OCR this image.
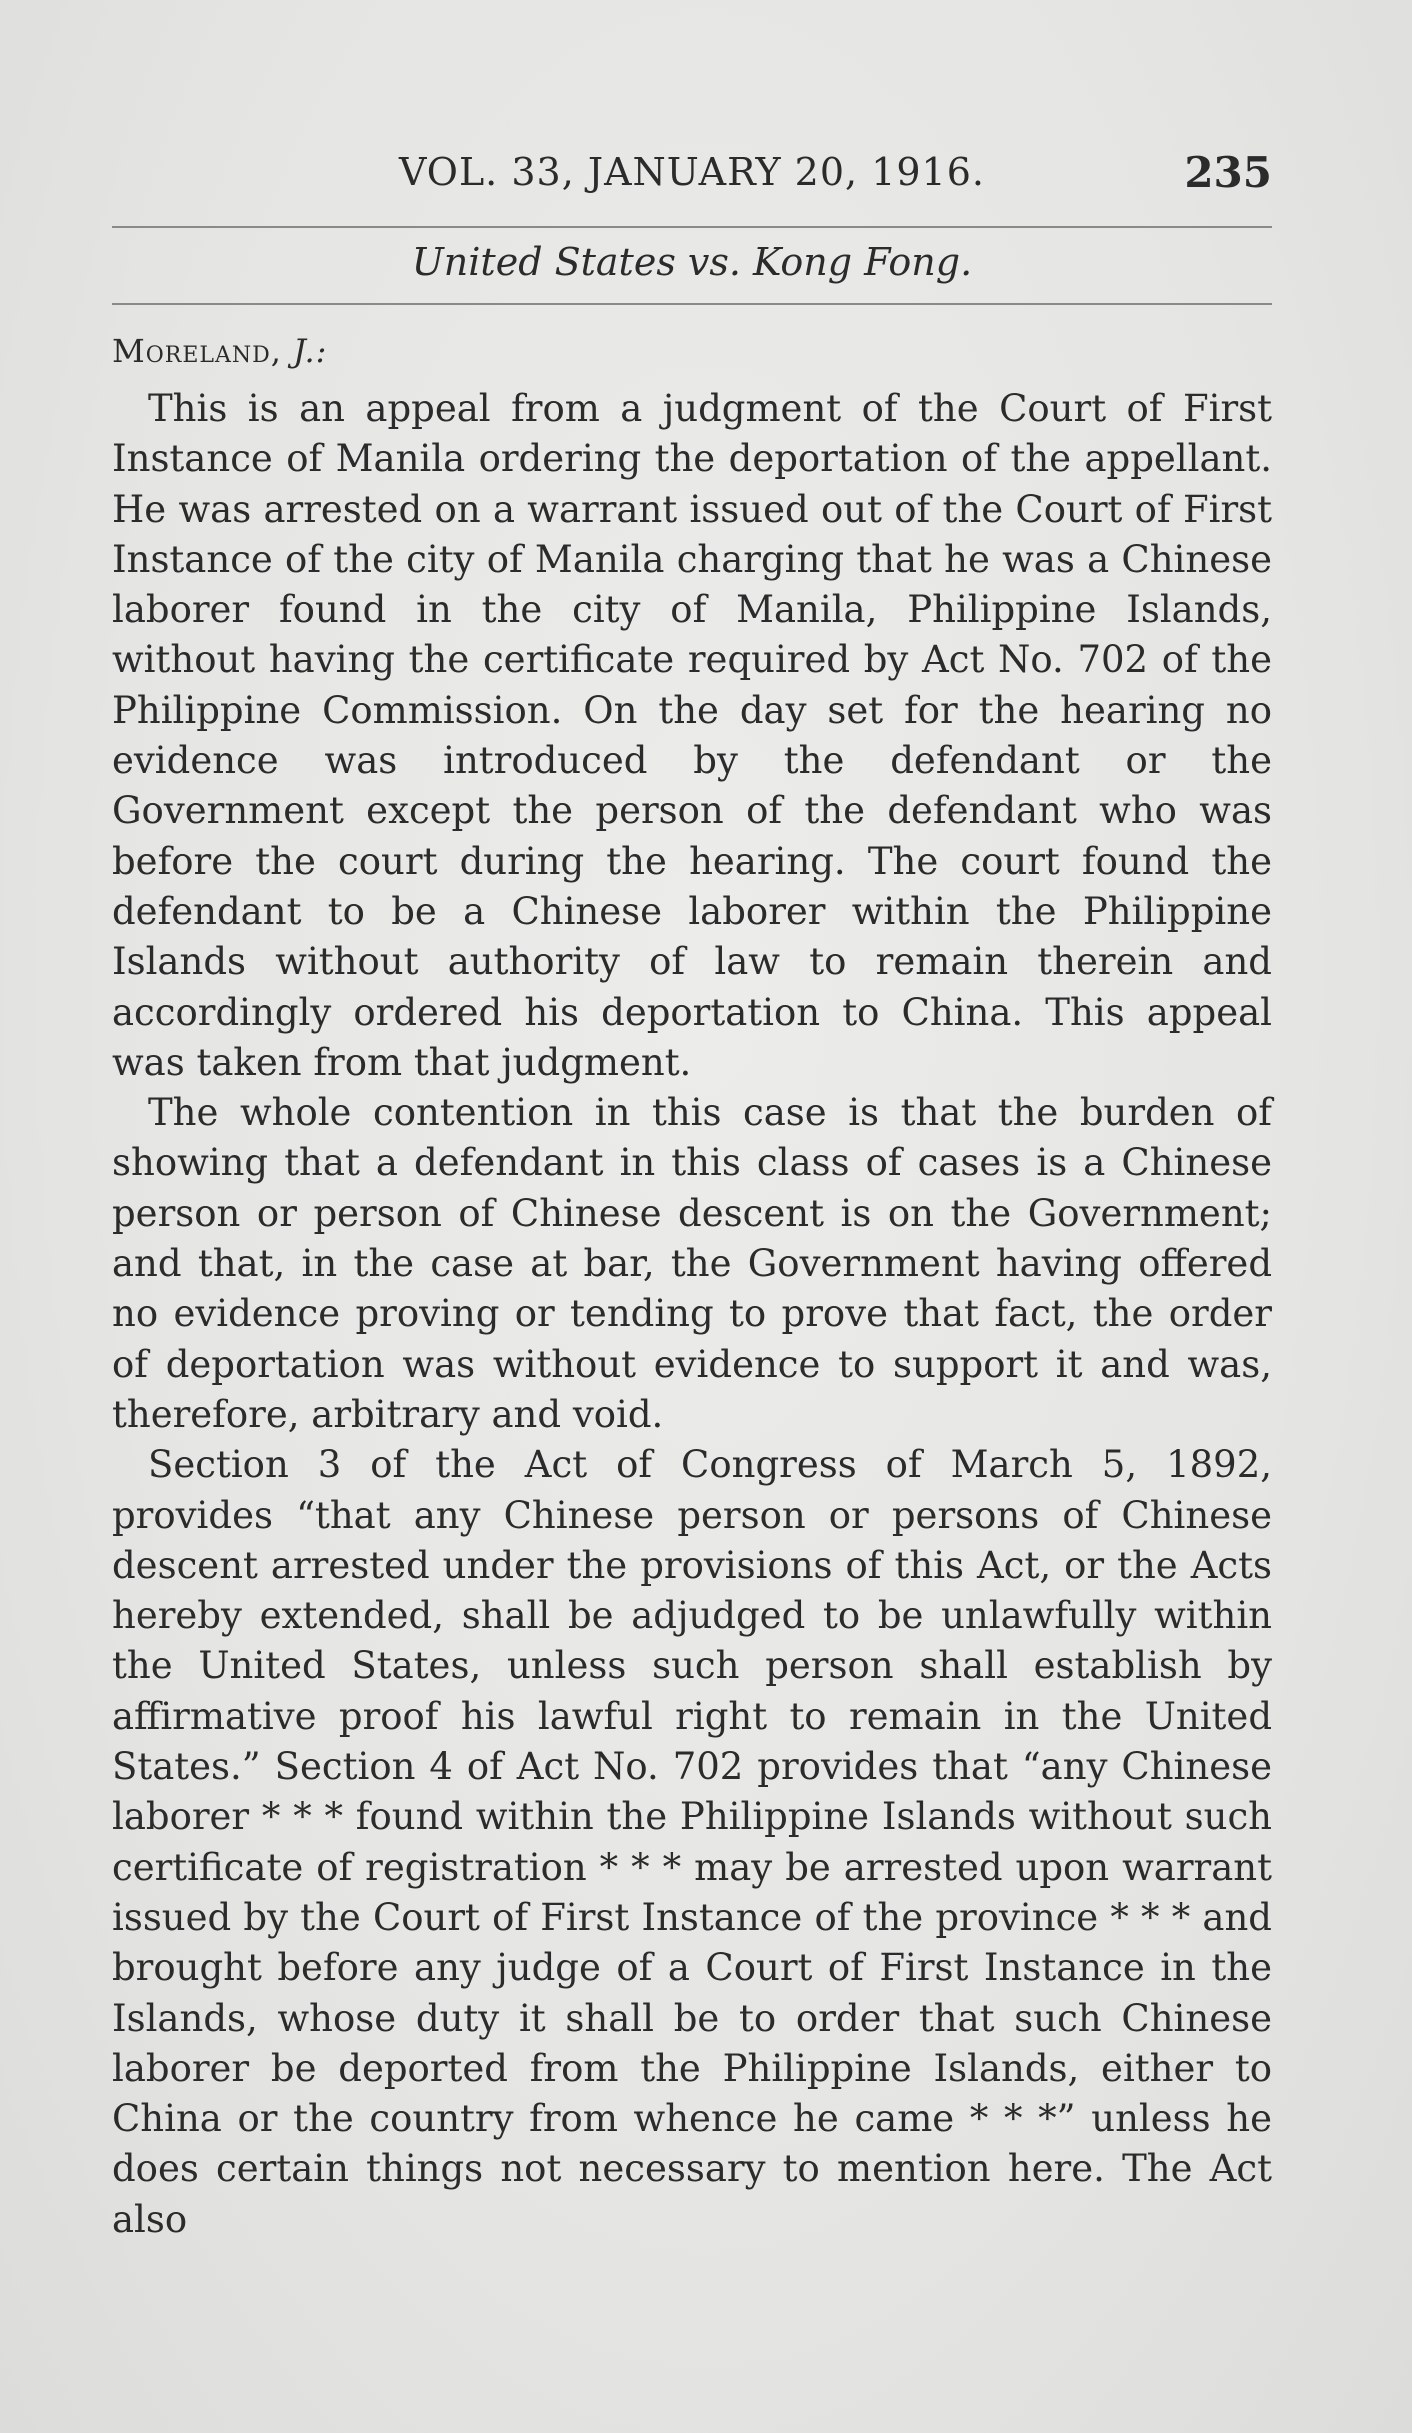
VOL. 33, JANUARY 20, 1916.	235
United States vs. Kong Fong.
Moreland, J.:

This is an appeal from a judgment of the Court of First Instance of Manila ordering the deportation of the appellant. He was arrested on a warrant issued out of the Court of First Instance of the city of Manila charging that he was a Chinese laborer found in the city of Manila, Philippine Islands, without having the certificate required by Act No. 702 of the Philippine Commission. On the day set for the hearing no evidence was introduced by the defendant or the Government except the person of the defendant who was before the court during the hearing. The court found the defendant to be a Chinese laborer within the Philippine Islands without authority of law to remain therein and accordingly ordered his deportation to China. This appeal was taken from that judgment.

The whole contention in this case is that the burden of showing that a defendant in this class of cases is a Chinese person or person of Chinese descent is on the Government; and that, in the case at bar, the Government having offered no evidence proving or tending to prove that fact, the order of deportation was without evidence to support it and was, therefore, arbitrary and void.

Section 3 of the Act of Congress of March 5, 1892, provides “that any Chinese person or persons of Chinese descent arrested under the provisions of this Act, or the Acts hereby extended, shall be adjudged to be unlawfully within the United States, unless such person shall establish by affirmative proof his lawful right to remain in the United States.” Section 4 of Act No. 702 provides that “any Chinese laborer * * * found within the Philippine Islands without such certificate of registration * * * may be arrested upon warrant issued by the Court of First Instance of the province * * * and brought before any judge of a Court of First Instance in the Islands, whose duty it shall be to order that such Chinese laborer be deported from the Philippine Islands, either to China or the country from whence he came * * *” unless he does certain things not necessary to mention here. The Act also
